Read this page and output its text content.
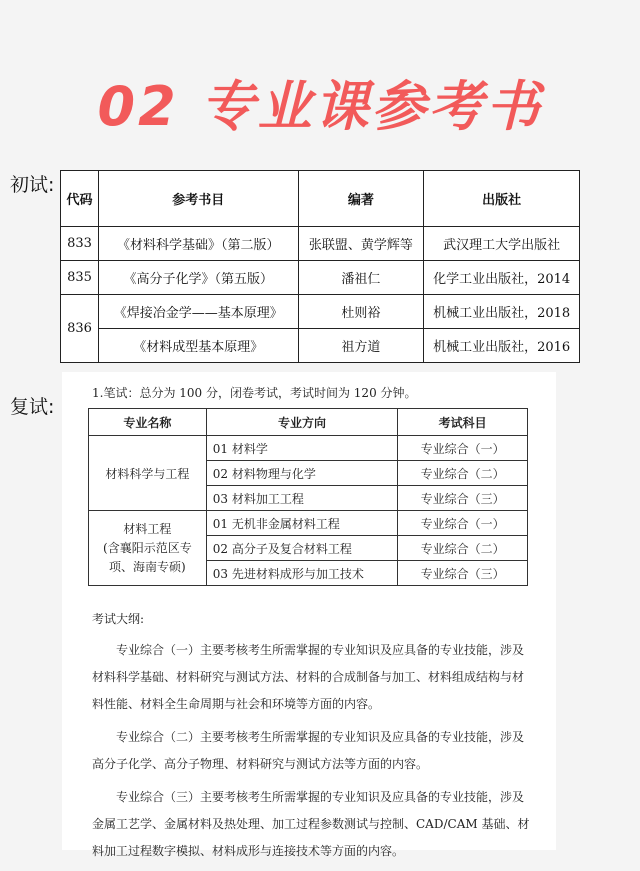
02 专业课参考书
初试:
复试:
代码	参考书目	编著	出版社
833	《材料科学基础》（第二版）	张联盟、黄学辉等	武汉理工大学出版社
835	《高分子化学》（第五版）	潘祖仁	化学工业出版社，2014
836	《焊接冶金学——基本原理》	杜则裕	机械工业出版社，2018
	《材料成型基本原理》	祖方道	机械工业出版社，2016
1.笔试：总分为 100 分，闭卷考试，考试时间为 120 分钟。
专业名称	专业方向	考试科目
材料科学与工程	01 材料学	专业综合（一）
	02 材料物理与化学	专业综合（二）
	03 材料加工工程	专业综合（三）
材料工程
(含襄阳示范区专项、海南专硕)	01 无机非金属材料工程	专业综合（一）
	02 高分子及复合材料工程	专业综合（二）
	03 先进材料成形与加工技术	专业综合（三）
考试大纲:

专业综合（一）主要考核考生所需掌握的专业知识及应具备的专业技能，涉及材料科学基础、材料研究与测试方法、材料的合成制备与加工、材料组成结构与材料性能、材料全生命周期与社会和环境等方面的内容。

专业综合（二）主要考核考生所需掌握的专业知识及应具备的专业技能，涉及高分子化学、高分子物理、材料研究与测试方法等方面的内容。

专业综合（三）主要考核考生所需掌握的专业知识及应具备的专业技能，涉及金属工艺学、金属材料及热处理、加工过程参数测试与控制、CAD/CAM 基础、材料加工过程数字模拟、材料成形与连接技术等方面的内容。
